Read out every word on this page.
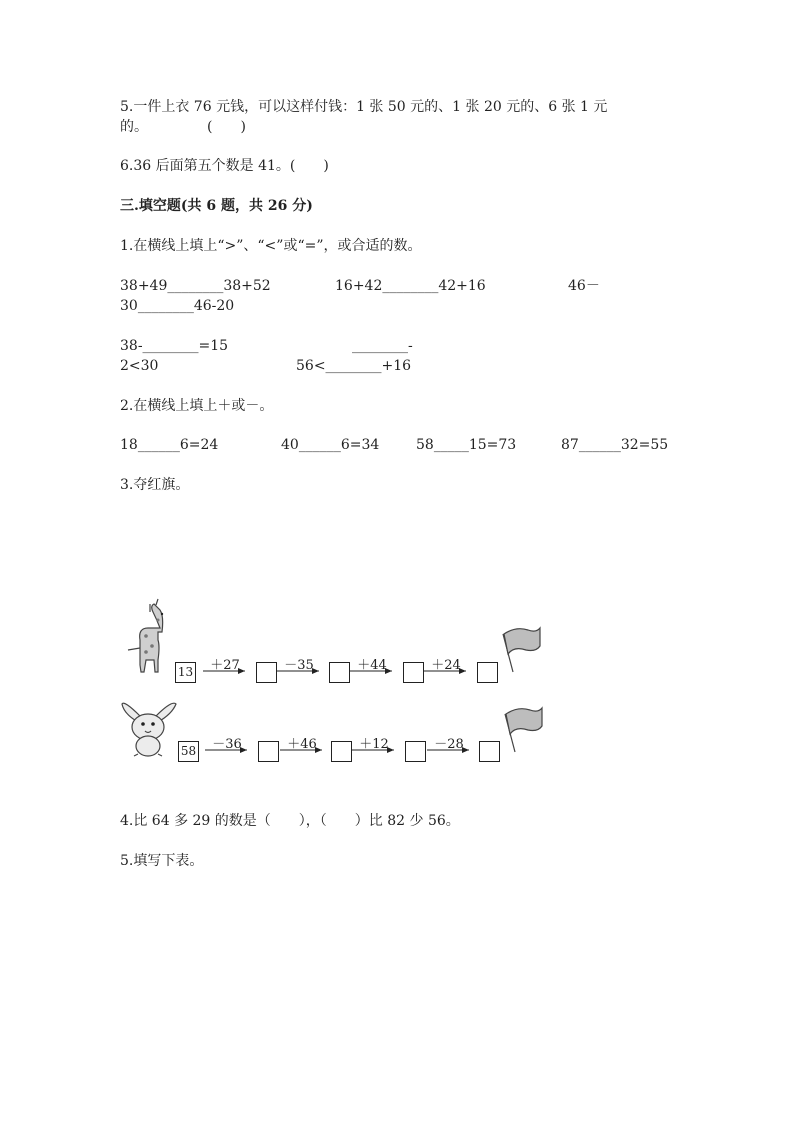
5.一件上衣 76 元钱，可以这样付钱：1 张 50 元的、1 张 20 元的、6 张 1 元
的。	(　　)
6.36 后面第五个数是 41。(　　)
三.填空题(共 6 题，共 26 分)
1.在横线上填上“>”、“<”或“=”，或合适的数。
38+49________38+52	16+42________42+16	46－
30________46-20
38-________=15	________-
2<30	56<________+16
2.在横线上填上＋或－。
18______6=24	40______6=34	58_____15=73	87______32=55
3.夺红旗。
13	＋27	－35	＋44	＋24
58	－36	＋46	＋12	－28
4.比 64 多 29 的数是（　　），（　　）比 82 少 56。
5.填写下表。
